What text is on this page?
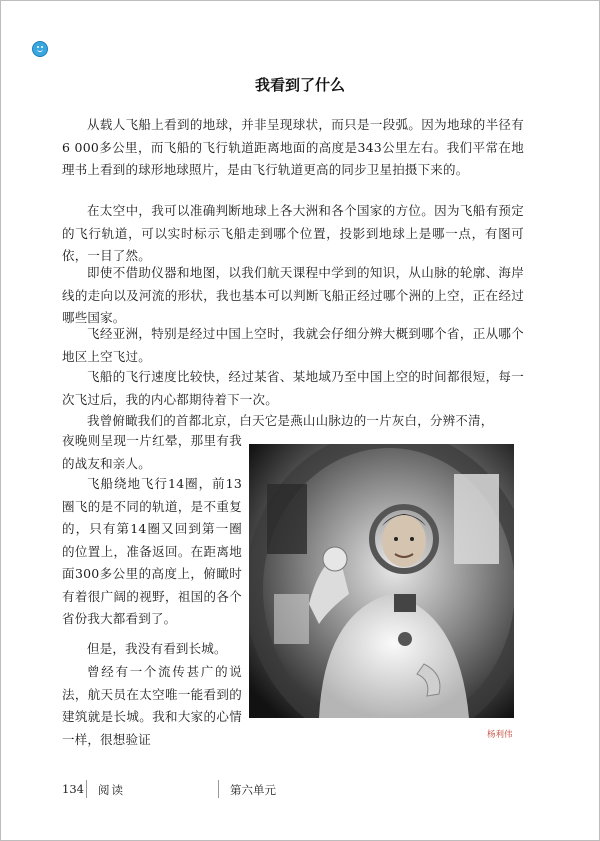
我看到了什么

从载人飞船上看到的地球，并非呈现球状，而只是一段弧。因为地球的半径有6 000多公里，而飞船的飞行轨道距离地面的高度是343公里左右。我们平常在地理书上看到的球形地球照片，是由飞行轨道更高的同步卫星拍摄下来的。

在太空中，我可以准确判断地球上各大洲和各个国家的方位。因为飞船有预定的飞行轨道，可以实时标示飞船走到哪个位置，投影到地球上是哪一点，有图可依，一目了然。

即使不借助仪器和地图，以我们航天课程中学到的知识，从山脉的轮廓、海岸线的走向以及河流的形状，我也基本可以判断飞船正经过哪个洲的上空，正在经过哪些国家。

飞经亚洲，特别是经过中国上空时，我就会仔细分辨大概到哪个省，正从哪个地区上空飞过。

飞船的飞行速度比较快，经过某省、某地域乃至中国上空的时间都很短，每一次飞过后，我的内心都期待着下一次。

我曾俯瞰我们的首都北京，白天它是燕山山脉边的一片灰白，分辨不清，

夜晚则呈现一片红晕，那里有我的战友和亲人。

飞船绕地飞行14圈，前13圈飞的是不同的轨道，是不重复的，只有第14圈又回到第一圈的位置上，准备返回。在距离地面300多公里的高度上，俯瞰时有着很广阔的视野，祖国的各个省份我大都看到了。

但是，我没有看到长城。

曾经有一个流传甚广的说法，航天员在太空唯一能看到的建筑就是长城。我和大家的心情一样，很想验证	杨利伟
134 阅读	第六单元
